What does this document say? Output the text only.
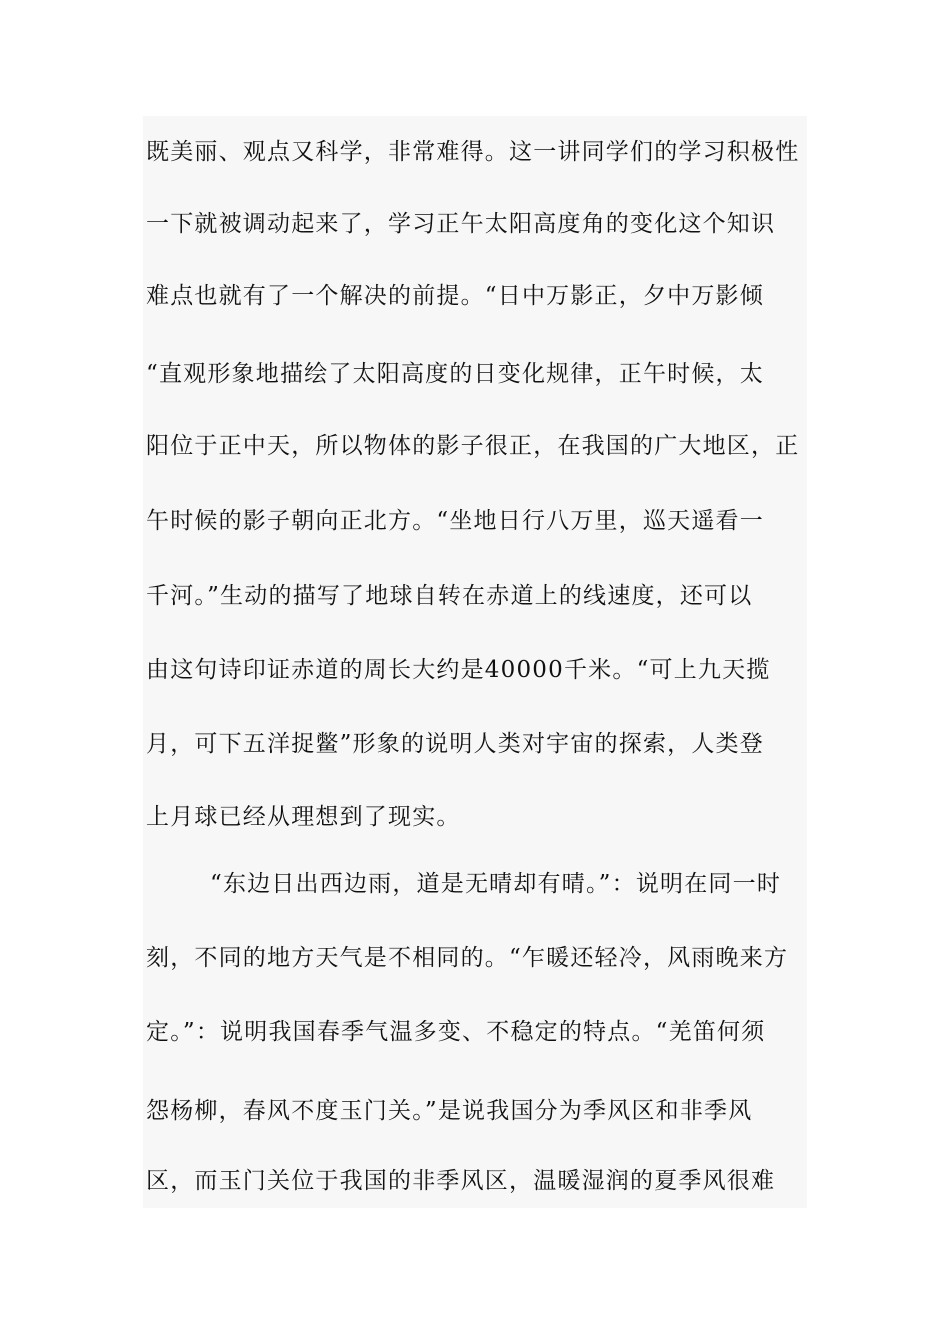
既美丽、观点又科学，非常难得。这一讲同学们的学习积极性
一下就被调动起来了，学习正午太阳高度角的变化这个知识
难点也就有了一个解决的前提。“日中万影正，夕中万影倾
“直观形象地描绘了太阳高度的日变化规律，正午时候，太
阳位于正中天，所以物体的影子很正，在我国的广大地区，正
午时候的影子朝向正北方。“坐地日行八万里，巡天遥看一
千河。”生动的描写了地球自转在赤道上的线速度，还可以
由这句诗印证赤道的周长大约是40000千米。“可上九天揽
月，可下五洋捉鳖”形象的说明人类对宇宙的探索，人类登
上月球已经从理想到了现实。
“东边日出西边雨，道是无晴却有晴。”：说明在同一时
刻，不同的地方天气是不相同的。“乍暖还轻冷，风雨晚来方
定。”：说明我国春季气温多变、不稳定的特点。“羌笛何须
怨杨柳，春风不度玉门关。”是说我国分为季风区和非季风
区，而玉门关位于我国的非季风区，温暖湿润的夏季风很难
